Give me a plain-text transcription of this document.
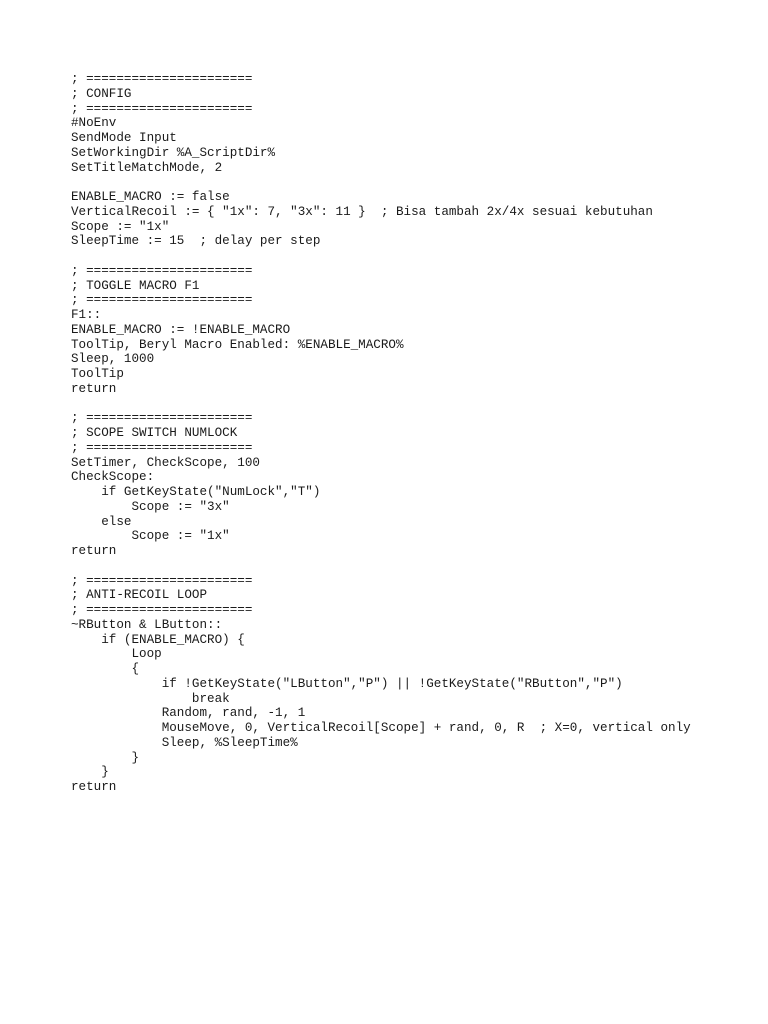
; ======================
; CONFIG
; ======================
#NoEnv
SendMode Input
SetWorkingDir %A_ScriptDir%
SetTitleMatchMode, 2
ENABLE_MACRO := false
VerticalRecoil := { "1x": 7, "3x": 11 }  ; Bisa tambah 2x/4x sesuai kebutuhan
Scope := "1x"
SleepTime := 15  ; delay per step
; ======================
; TOGGLE MACRO F1
; ======================
F1::
ENABLE_MACRO := !ENABLE_MACRO
ToolTip, Beryl Macro Enabled: %ENABLE_MACRO%
Sleep, 1000
ToolTip
return
; ======================
; SCOPE SWITCH NUMLOCK
; ======================
SetTimer, CheckScope, 100
CheckScope:
if GetKeyState("NumLock","T")
Scope := "3x"
else
Scope := "1x"
return
; ======================
; ANTI-RECOIL LOOP
; ======================
~RButton & LButton::
if (ENABLE_MACRO) {
Loop
{
if !GetKeyState("LButton","P") || !GetKeyState("RButton","P")
break
Random, rand, -1, 1
MouseMove, 0, VerticalRecoil[Scope] + rand, 0, R  ; X=0, vertical only
Sleep, %SleepTime%
}
}
return
